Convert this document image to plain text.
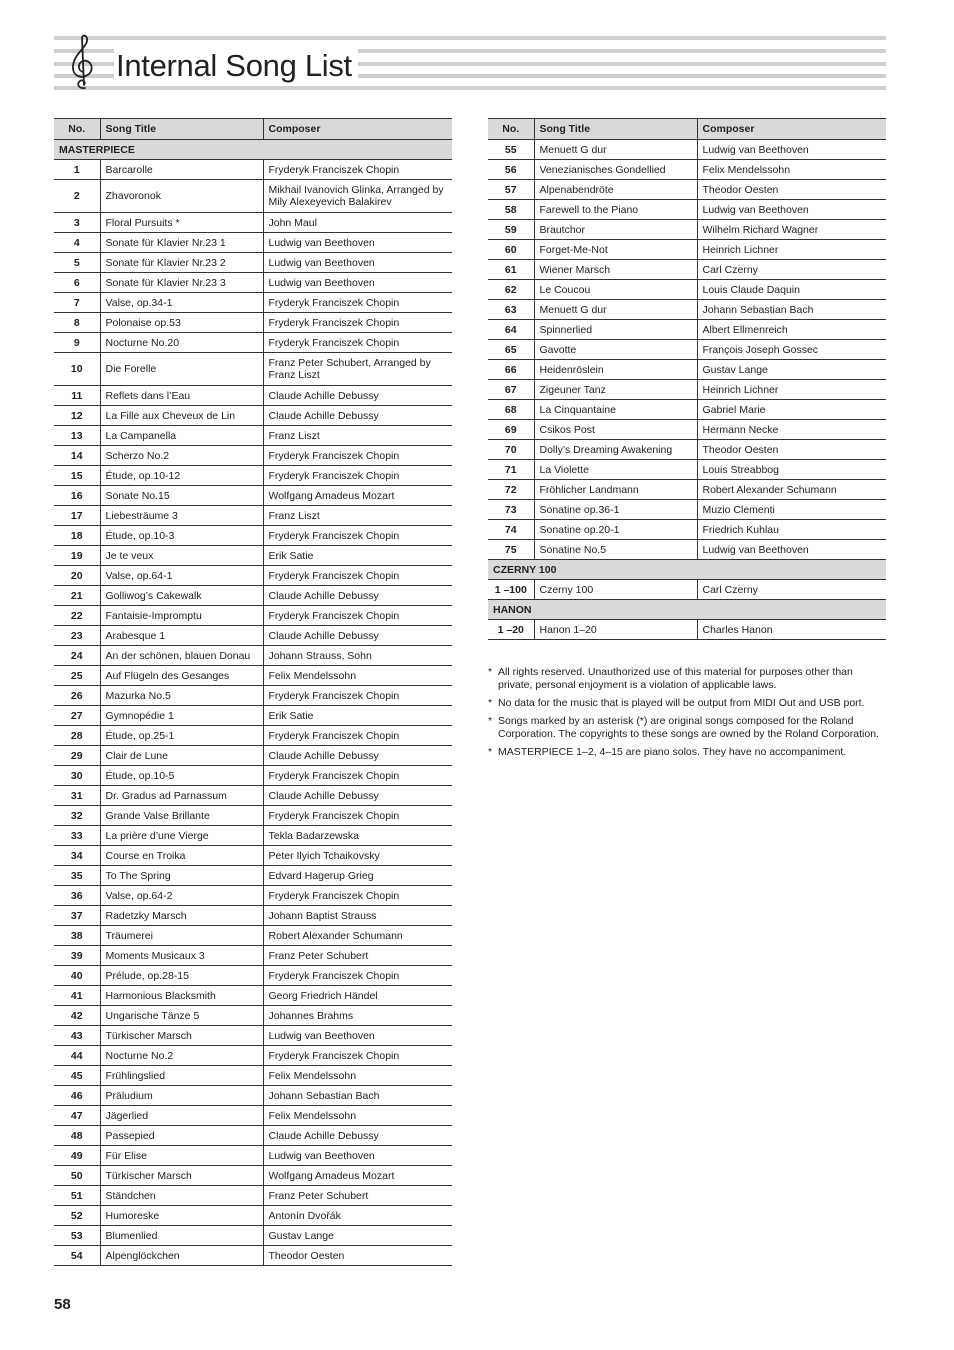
Internal Song List
No.	Song Title	Composer
MASTERPIECE		
1	Barcarolle	Fryderyk Franciszek Chopin
2	Zhavoronok	Mikhail Ivanovich Glinka, Arranged by Mily Alexeyevich Balakirev
3	Floral Pursuits *	John Maul
4	Sonate für Klavier Nr.23 1	Ludwig van Beethoven
5	Sonate für Klavier Nr.23 2	Ludwig van Beethoven
6	Sonate für Klavier Nr.23 3	Ludwig van Beethoven
7	Valse, op.34-1	Fryderyk Franciszek Chopin
8	Polonaise op.53	Fryderyk Franciszek Chopin
9	Nocturne No.20	Fryderyk Franciszek Chopin
10	Die Forelle	Franz Peter Schubert, Arranged by Franz Liszt
11	Reflets dans l’Eau	Claude Achille Debussy
12	La Fille aux Cheveux de Lin	Claude Achille Debussy
13	La Campanella	Franz Liszt
14	Scherzo No.2	Fryderyk Franciszek Chopin
15	Étude, op.10-12	Fryderyk Franciszek Chopin
16	Sonate No.15	Wolfgang Amadeus Mozart
17	Liebesträume 3	Franz Liszt
18	Étude, op.10-3	Fryderyk Franciszek Chopin
19	Je te veux	Erik Satie
20	Valse, op.64-1	Fryderyk Franciszek Chopin
21	Golliwog’s Cakewalk	Claude Achille Debussy
22	Fantaisie-Impromptu	Fryderyk Franciszek Chopin
23	Arabesque 1	Claude Achille Debussy
24	An der schönen, blauen Donau	Johann Strauss, Sohn
25	Auf Flügeln des Gesanges	Felix Mendelssohn
26	Mazurka No.5	Fryderyk Franciszek Chopin
27	Gymnopédie 1	Erik Satie
28	Étude, op.25-1	Fryderyk Franciszek Chopin
29	Clair de Lune	Claude Achille Debussy
30	Étude, op.10-5	Fryderyk Franciszek Chopin
31	Dr. Gradus ad Parnassum	Claude Achille Debussy
32	Grande Valse Brillante	Fryderyk Franciszek Chopin
33	La prière d’une Vierge	Tekla Badarzewska
34	Course en Troika	Peter Ilyich Tchaikovsky
35	To The Spring	Edvard Hagerup Grieg
36	Valse, op.64-2	Fryderyk Franciszek Chopin
37	Radetzky Marsch	Johann Baptist Strauss
38	Träumerei	Robert Alexander Schumann
39	Moments Musicaux 3	Franz Peter Schubert
40	Prélude, op.28-15	Fryderyk Franciszek Chopin
41	Harmonious Blacksmith	Georg Friedrich Händel
42	Ungarische Tänze 5	Johannes Brahms
43	Türkischer Marsch	Ludwig van Beethoven
44	Nocturne No.2	Fryderyk Franciszek Chopin
45	Frühlingslied	Felix Mendelssohn
46	Präludium	Johann Sebastian Bach
47	Jägerlied	Felix Mendelssohn
48	Passepied	Claude Achille Debussy
49	Für Elise	Ludwig van Beethoven
50	Türkischer Marsch	Wolfgang Amadeus Mozart
51	Ständchen	Franz Peter Schubert
52	Humoreske	Antonín Dvořák
53	Blumenlied	Gustav Lange
54	Alpenglöckchen	Theodor Oesten
No.	Song Title	Composer
55	Menuett G dur	Ludwig van Beethoven
56	Venezianisches Gondellied	Felix Mendelssohn
57	Alpenabendröte	Theodor Oesten
58	Farewell to the Piano	Ludwig van Beethoven
59	Brautchor	Wilhelm Richard Wagner
60	Forget-Me-Not	Heinrich Lichner
61	Wiener Marsch	Carl Czerny
62	Le Coucou	Louis Claude Daquin
63	Menuett G dur	Johann Sebastian Bach
64	Spinnerlied	Albert Ellmenreich
65	Gavotte	François Joseph Gossec
66	Heidenröslein	Gustav Lange
67	Zigeuner Tanz	Heinrich Lichner
68	La Cinquantaine	Gabriel Marie
69	Csikos Post	Hermann Necke
70	Dolly’s Dreaming Awakening	Theodor Oesten
71	La Violette	Louis Streabbog
72	Fröhlicher Landmann	Robert Alexander Schumann
73	Sonatine op.36-1	Muzio Clementi
74	Sonatine op.20-1	Friedrich Kuhlau
75	Sonatine No.5	Ludwig van Beethoven
CZERNY 100		
1 –100	Czerny 100	Carl Czerny
HANON		
1 –20	Hanon 1–20	Charles Hanon
* All rights reserved. Unauthorized use of this material for purposes other than private, personal enjoyment is a violation of applicable laws.
* No data for the music that is played will be output from MIDI Out and USB port.
* Songs marked by an asterisk (*) are original songs composed for the Roland Corporation. The copyrights to these songs are owned by the Roland Corporation.
* MASTERPIECE 1–2, 4–15 are piano solos. They have no accompaniment.
58
